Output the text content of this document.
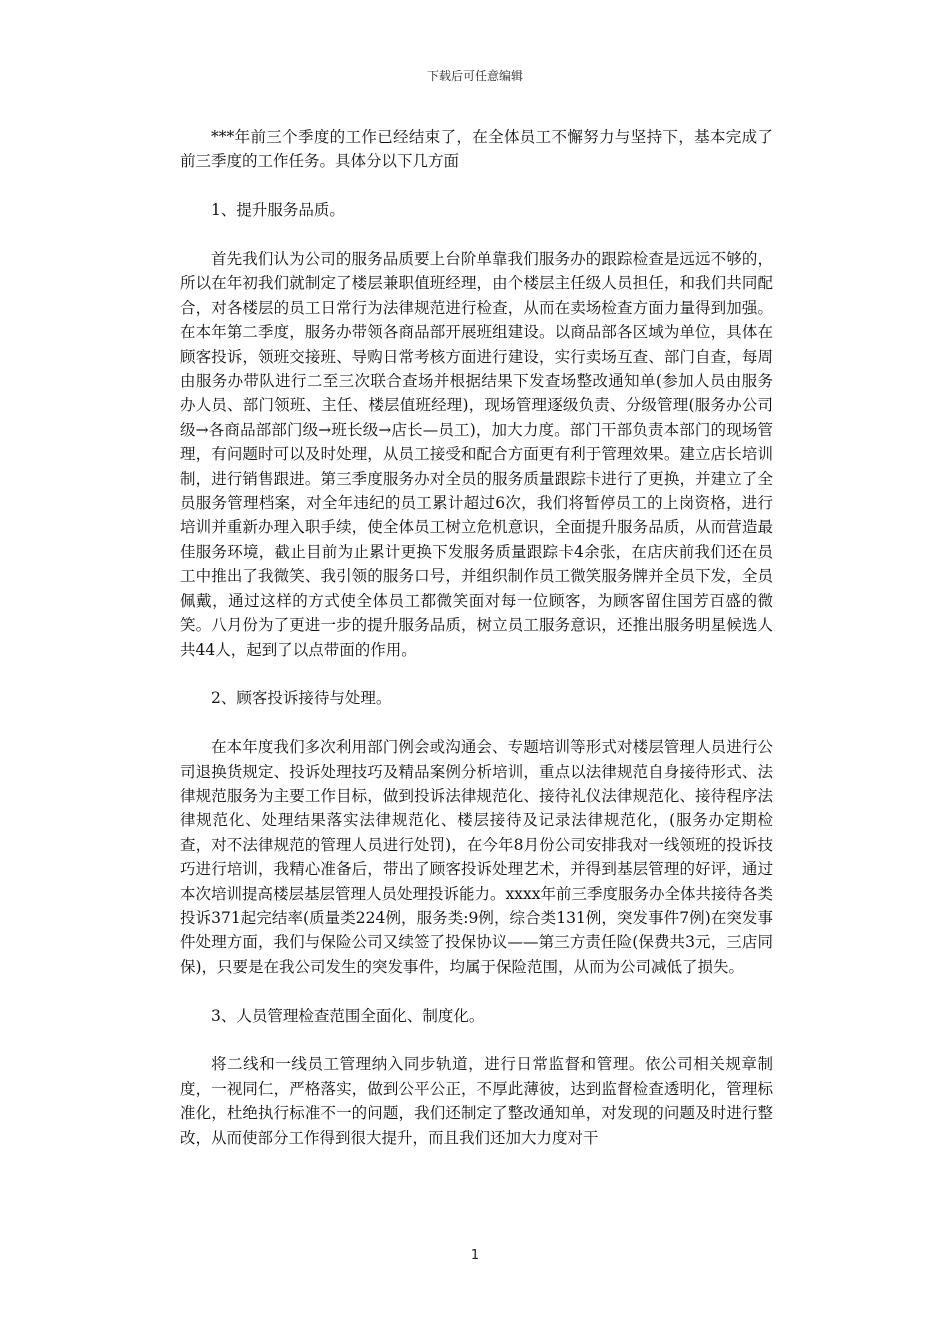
下载后可任意编辑

***年前三个季度的工作已经结束了，在全体员工不懈努力与坚持下，基本完成了前三季度的工作任务。具体分以下几方面

1、提升服务品质。

首先我们认为公司的服务品质要上台阶单靠我们服务办的跟踪检查是远远不够的，所以在年初我们就制定了楼层兼职值班经理，由个楼层主任级人员担任，和我们共同配合，对各楼层的员工日常行为法律规范进行检查，从而在卖场检查方面力量得到加强。在本年第二季度，服务办带领各商品部开展班组建设。以商品部各区域为单位，具体在顾客投诉，领班交接班、导购日常考核方面进行建设，实行卖场互查、部门自查，每周由服务办带队进行二至三次联合查场并根据结果下发查场整改通知单(参加人员由服务办人员、部门领班、主任、楼层值班经理)，现场管理逐级负责、分级管理(服务办公司级→各商品部部门级→班长级→店长—员工)，加大力度。部门干部负责本部门的现场管理，有问题时可以及时处理，从员工接受和配合方面更有利于管理效果。建立店长培训制，进行销售跟进。第三季度服务办对全员的服务质量跟踪卡进行了更换，并建立了全员服务管理档案，对全年违纪的员工累计超过6次，我们将暂停员工的上岗资格，进行培训并重新办理入职手续，使全体员工树立危机意识，全面提升服务品质，从而营造最佳服务环境，截止目前为止累计更换下发服务质量跟踪卡4余张，在店庆前我们还在员工中推出了我微笑、我引领的服务口号，并组织制作员工微笑服务牌并全员下发，全员佩戴，通过这样的方式使全体员工都微笑面对每一位顾客，为顾客留住国芳百盛的微笑。八月份为了更进一步的提升服务品质，树立员工服务意识，还推出服务明星候选人共44人，起到了以点带面的作用。

2、顾客投诉接待与处理。

在本年度我们多次利用部门例会或沟通会、专题培训等形式对楼层管理人员进行公司退换货规定、投诉处理技巧及精品案例分析培训，重点以法律规范自身接待形式、法律规范服务为主要工作目标，做到投诉法律规范化、接待礼仪法律规范化、接待程序法律规范化、处理结果落实法律规范化、楼层接待及记录法律规范化，(服务办定期检查，对不法律规范的管理人员进行处罚)，在今年8月份公司安排我对一线领班的投诉技巧进行培训，我精心准备后，带出了顾客投诉处理艺术，并得到基层管理的好评，通过本次培训提高楼层基层管理人员处理投诉能力。xxxx年前三季度服务办全体共接待各类投诉371起完结率(质量类224例，服务类:9例，综合类131例，突发事件7例)在突发事件处理方面，我们与保险公司又续签了投保协议——第三方责任险(保费共3元，三店同保)，只要是在我公司发生的突发事件，均属于保险范围，从而为公司减低了损失。

3、人员管理检查范围全面化、制度化。

将二线和一线员工管理纳入同步轨道，进行日常监督和管理。依公司相关规章制度，一视同仁，严格落实，做到公平公正，不厚此薄彼，达到监督检查透明化，管理标准化，杜绝执行标准不一的问题，我们还制定了整改通知单，对发现的问题及时进行整改，从而使部分工作得到很大提升，而且我们还加大力度对干

1
